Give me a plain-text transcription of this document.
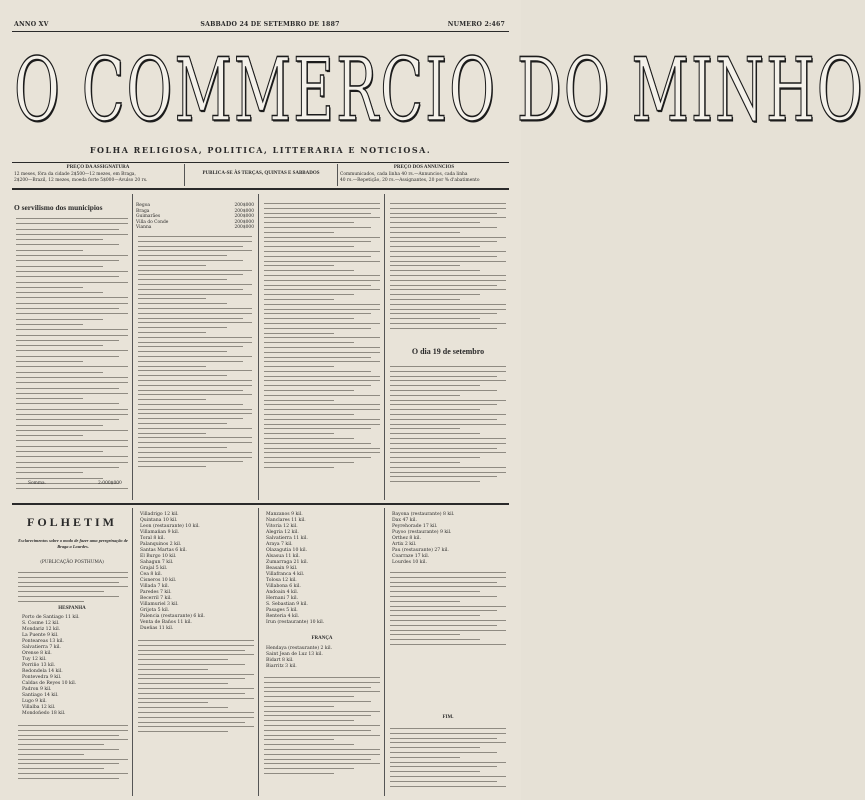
ANNO XV	SABBADO 24 DE SETEMBRO DE 1887	NUMERO 2:467
O COMMERCIO DO MINHO
FOLHA RELIGIOSA, POLITICA, LITTERARIA E NOTICIOSA.
PREÇO DA ASSIGNATURA
12 meses, fóra da cidade 2$500—12 mezes, em Braga,
2$200—Brazil, 12 mezes, moeda forte 5$000—Avulso 20 rs.
PUBLICA-SE ÀS TERÇAS, QUINTAS E SABBADOS
PREÇO DOS ANNUNCIOS
Communicados, cada linha 40 rs.—Annuncios, cada linha
40 rs.—Repetição, 20 rs.—Assignantes, 20 por % d'abatimento
O servilismo dos municipios
Somma.	2:000$000
Regoa	200$000
Braga	200$000
Guimarães	200$000
Villa do Conde	200$000
Vianna	200$000
O dia 19 de setembro
FOLHETIM
Esclarecimentos sobre o modo de fazer uma peregrinação de Braga a Lourdes.
(PUBLICAÇÃO POSTHUMA)
HESPANHA
Porto de Santiago 11 kil.
S. Cosme 12 kil.
Mondariz 12 kil.
La Puente 9 kil.
Ponteareas 13 kil.
Salvatierra 7 kil.
Orense 8 kil.
Tuy 12 kil.
Porriño 13 kil.
Redondela 14 kil.
Pontevedra 9 kil.
Caldas de Reyes 10 kil.
Padron 9 kil.
Santiago 14 kil.
Lugo 9 kil.
Villalba 12 kil.
Mondoñedo 18 kil.
Villadrigo 12 kil.
Quintana 10 kil.
Leon (restaurante) 10 kil.
Villamañan 9 kil.
Toral 8 kil.
Palanquinos 2 kil.
Santas Martas 6 kil.
El Burgo 10 kil.
Sahagun 7 kil.
Grajal 5 kil.
Cea 8 kil.
Cisneros 10 kil.
Villada 7 kil.
Paredes 7 kil.
Becerril 7 kil.
Villamuriel 3 kil.
Grijota 5 kil.
Palencia (restaurante) 6 kil.
Venta de Baños 11 kil.
Dueñas 11 kil.
Manzanos 9 kil.
Nanclares 11 kil.
Vitoria 12 kil.
Alegria 12 kil.
Salvatierra 11 kil.
Araya 7 kil.
Olazagutia 10 kil.
Alsasua 11 kil.
Zumarraga 21 kil.
Beasain 9 kil.
Villafranca 4 kil.
Tolosa 12 kil.
Villabona 6 kil.
Andoain 4 kil.
Hernani 7 kil.
S. Sebastian 9 kil.
Pasages 5 kil.
Renteria 4 kil.
Irun (restaurante) 10 kil.
FRANÇA
Hendaya (restaurante) 2 kil.
Saint Jean de Luz 13 kil.
Bidart 8 kil.
Biarritz 3 kil.
Bayona (restaurante) 8 kil.
Dax 47 kil.
Peyrehorade 17 kil.
Puyoo (restaurante) 9 kil.
Orthez 8 kil.
Artix 2 kil.
Pau (restaurante) 27 kil.
Coarraze 17 kil.
Lourdes 10 kil.
FIM.
